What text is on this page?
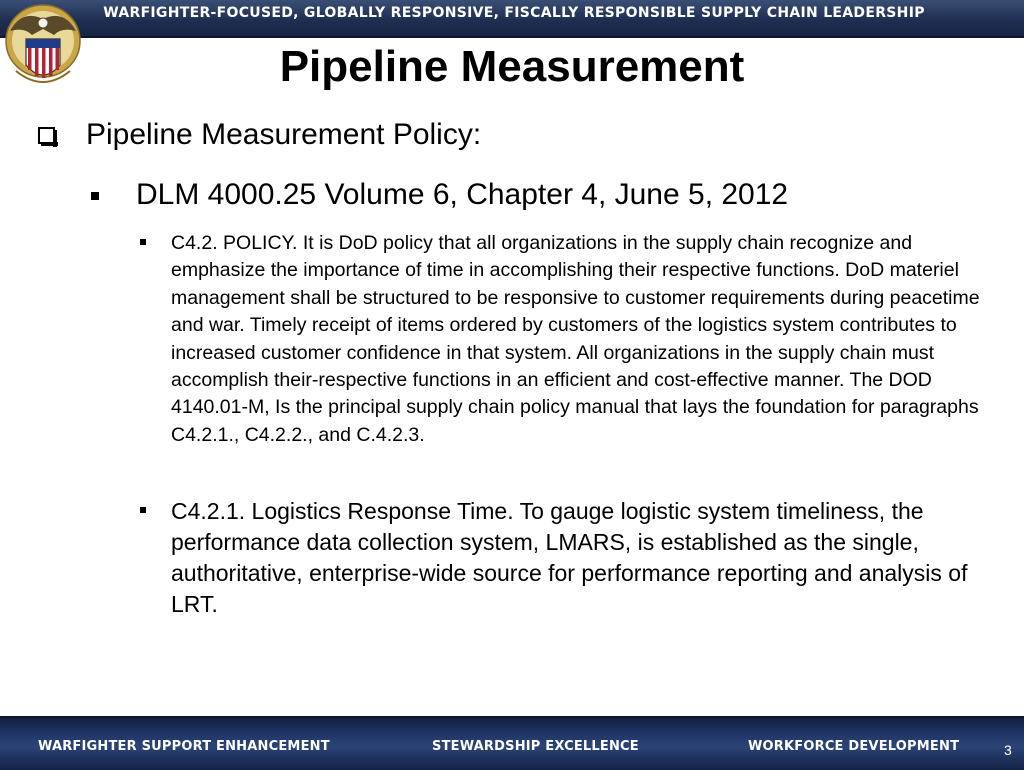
WARFIGHTER-FOCUSED, GLOBALLY RESPONSIVE, FISCALLY RESPONSIBLE SUPPLY CHAIN LEADERSHIP
Pipeline Measurement
Pipeline Measurement Policy:
DLM 4000.25 Volume 6, Chapter 4, June 5, 2012
C4.2. POLICY. It is DoD policy that all organizations in the supply chain recognize and emphasize the importance of time in accomplishing their respective functions. DoD materiel management shall be structured to be responsive to customer requirements during peacetime and war. Timely receipt of items ordered by customers of the logistics system contributes to increased customer confidence in that system. All organizations in the supply chain must accomplish their-respective functions in an efficient and cost-effective manner. The DOD 4140.01-M, Is the principal supply chain policy manual that lays the foundation for paragraphs C4.2.1., C4.2.2., and C.4.2.3.
C4.2.1. Logistics Response Time. To gauge logistic system timeliness, the performance data collection system, LMARS, is established as the single, authoritative, enterprise-wide source for performance reporting and analysis of LRT.
WARFIGHTER SUPPORT ENHANCEMENT	STEWARDSHIP EXCELLENCE	WORKFORCE DEVELOPMENT	3
